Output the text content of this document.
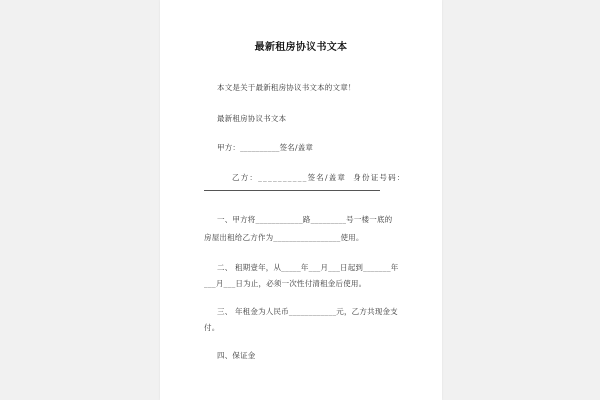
最新租房协议书文本
本文是关于最新租房协议书文本的文章！
最新租房协议书文本
甲方：__________签名/盖章
乙方：__________签名/盖章  身份证号码：
一、甲方将____________路_________号一楼一底的
房屋出租给乙方作为_________________使用。
二、 租期壹年，从_____年___月___日起到_______年
___月___日为止，必须一次性付清租金后使用。
三、 年租金为人民币____________元，乙方共现金支
付。
四、保证金
